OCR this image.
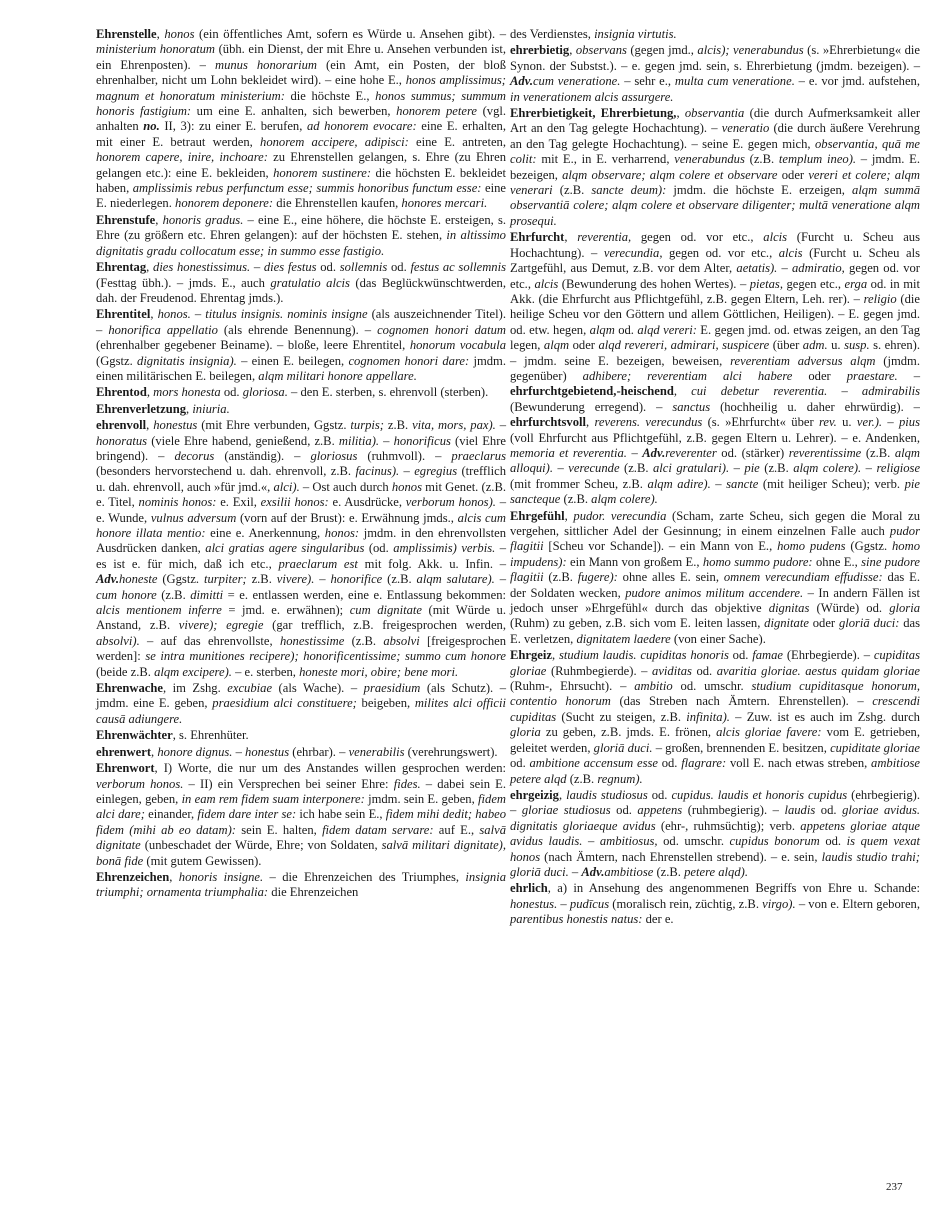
Ehrenstelle, honos (ein öffentliches Amt, sofern es Würde u. Ansehen gibt). – ministerium honoratum (übh. ein Dienst, der mit Ehre u. Ansehen verbunden ist, ein Ehrenposten). – munus honorarium (ein Amt, ein Posten, der bloß ehrenhalber, nicht um Lohn bekleidet wird). – eine hohe E., honos amplissimus; magnum et honoratum ministerium: die höchste E., honos summus; summum honoris fastigium: um eine E. anhalten, sich bewerben, honorem petere (vgl. anhalten no. II, 3): zu einer E. berufen, ad honorem evocare: eine E. erhalten, mit einer E. betraut werden, honorem accipere, adipisci: eine E. antreten, honorem capere, inire, inchoare: zu Ehrenstellen gelangen, s. Ehre (zu Ehren gelangen etc.): eine E. bekleiden, honorem sustinere: die höchsten E. bekleidet haben, amplissimis rebus perfunctum esse; summis honoribus functum esse: eine E. niederlegen. honorem deponere: die Ehrenstellen kaufen, honores mercari.

Ehrenstufe, honoris gradus. – eine E., eine höhere, die höchste E. ersteigen, s. Ehre (zu größern etc. Ehren gelangen): auf der höchsten E. stehen, in altissimo dignitatis gradu collocatum esse; in summo esse fastigio.

Ehrentag, dies honestissimus. – dies festus od. sollemnis od. festus ac sollemnis (Festtag übh.). – jmds. E., auch gratulatio alcis (das Beglückwünschtwerden, dah. der Freudenod. Ehrentag jmds.).

Ehrentitel, honos. – titulus insignis. nominis insigne (als auszeichnender Titel). – honorifica appellatio (als ehrende Benennung). – cognomen honori datum (ehrenhalber gegebener Beiname). – bloße, leere Ehrentitel, honorum vocabula (Ggstz. dignitatis insignia). – einen E. beilegen, cognomen honori dare: jmdm. einen militärischen E. beilegen, alqm militari honore appellare.

Ehrentod, mors honesta od. gloriosa. – den E. sterben, s. ehrenvoll (sterben).

Ehrenverletzung, iniuria.

ehrenvoll, honestus (mit Ehre verbunden, Ggstz. turpis; z.B. vita, mors, pax). – honoratus (viele Ehre habend, genießend, z.B. militia). – honorificus (viel Ehre bringend). – decorus (anständig). – gloriosus (ruhmvoll). – praeclarus (besonders hervorstechend u. dah. ehrenvoll, z.B. facinus). – egregius (trefflich u. dah. ehrenvoll, auch »für jmd.«, alci). – Ost auch durch honos mit Genet. (z.B. e. Titel, nominis honos: e. Exil, exsilii honos: e. Ausdrücke, verborum honos). – e. Wunde, vulnus adversum (vorn auf der Brust): e. Erwähnung jmds., alcis cum honore illata mentio: eine e. Anerkennung, honos: jmdm. in den ehrenvollsten Ausdrücken danken, alci gratias agere singularibus (od. amplissimis) verbis. – es ist e. für mich, daß ich etc., praeclarum est mit folg. Akk. u. Infin. – Adv.honeste (Ggstz. turpiter; z.B. vivere). – honorifice (z.B. alqm salutare). – cum honore (z.B. dimitti = e. entlassen werden, eine e. Entlassung bekommen: alcis mentionem inferre = jmd. e. erwähnen); cum dignitate (mit Würde u. Anstand, z.B. vivere); egregie (gar trefflich, z.B. freigesprochen werden, absolvi). – auf das ehrenvollste, honestissime (z.B. absolvi [freigesprochen werden]: se intra munitiones recipere); honorificentissime; summo cum honore (beide z.B. alqm excipere). – e. sterben, honeste mori, obire; bene mori.

Ehrenwache, im Zshg. excubiae (als Wache). – praesidium (als Schutz). – jmdm. eine E. geben, praesidium alci constituere; beigeben, milites alci officii causā adiungere.

Ehrenwächter, s. Ehrenhüter.

ehrenwert, honore dignus. – honestus (ehrbar). – venerabilis (verehrungswert).

Ehrenwort, I) Worte, die nur um des Anstandes willen gesprochen werden: verborum honos. – II) ein Versprechen bei seiner Ehre: fides. – dabei sein E. einlegen, geben, in eam rem fidem suam interponere: jmdm. sein E. geben, fidem alci dare; einander, fidem dare inter se: ich habe sein E., fidem mihi dedit; habeo fidem (mihi ab eo datam): sein E. halten, fidem datam servare: auf E., salvā dignitate (unbeschadet der Würde, Ehre; von Soldaten, salvā militari dignitate), bonā fide (mit gutem Gewissen).

Ehrenzeichen, honoris insigne. – die Ehrenzeichen des Triumphes, insignia triumphi; ornamenta triumphalia: die Ehrenzeichen

des Verdienstes, insignia virtutis.

ehrerbietig, observans (gegen jmd., alcis); venerabundus (s. »Ehrerbietung« die Synon. der Substst.). – e. gegen jmd. sein, s. Ehrerbietung (jmdm. bezeigen). – Adv.cum veneratione. – sehr e., multa cum veneratione. – e. vor jmd. aufstehen, in venerationem alcis assurgere.

Ehrerbietigkeit, Ehrerbietung,, observantia (die durch Aufmerksamkeit aller Art an den Tag gelegte Hochachtung). – veneratio (die durch äußere Verehrung an den Tag gelegte Hochachtung). – seine E. gegen mich, observantia, quā me colit: mit E., in E. verharrend, venerabundus (z.B. templum ineo). – jmdm. E. bezeigen, alqm observare; alqm colere et observare oder vereri et colere; alqm venerari (z.B. sancte deum): jmdm. die höchste E. erzeigen, alqm summā observantiā colere; alqm colere et observare diligenter; multā veneratione alqm prosequi.

Ehrfurcht, reverentia, gegen od. vor etc., alcis (Furcht u. Scheu aus Hochachtung). – verecundia, gegen od. vor etc., alcis (Furcht u. Scheu als Zartgefühl, aus Demut, z.B. vor dem Alter, aetatis). – admiratio, gegen od. vor etc., alcis (Bewunderung des hohen Wertes). – pietas, gegen etc., erga od. in mit Akk. (die Ehrfurcht aus Pflichtgefühl, z.B. gegen Eltern, Leh. rer). – religio (die heilige Scheu vor den Göttern und allem Göttlichen, Heiligen). – E. gegen jmd. od. etw. hegen, alqm od. alqd vereri: E. gegen jmd. od. etwas zeigen, an den Tag legen, alqm oder alqd revereri, admirari, suspicere (über adm. u. susp. s. ehren). – jmdm. seine E. bezeigen, beweisen, reverentiam adversus alqm (jmdm. gegenüber) adhibere; reverentiam alci habere oder praestare. – ehrfurchtgebietend,-heischend, cui debetur reverentia. – admirabilis (Bewunderung erregend). – sanctus (hochheilig u. daher ehrwürdig). – ehrfurchtsvoll, reverens. verecundus (s. »Ehrfurcht« über rev. u. ver.). – pius (voll Ehrfurcht aus Pflichtgefühl, z.B. gegen Eltern u. Lehrer). – e. Andenken, memoria et reverentia. – Adv.reverenter od. (stärker) reverentissime (z.B. alqm alloqui). – verecunde (z.B. alci gratulari). – pie (z.B. alqm colere). – religiose (mit frommer Scheu, z.B. alqm adire). – sancte (mit heiliger Scheu); verb. pie sancteque (z.B. alqm colere).

Ehrgefühl, pudor. verecundia (Scham, zarte Scheu, sich gegen die Moral zu vergehen, sittlicher Adel der Gesinnung; in einem einzelnen Falle auch pudor flagitii [Scheu vor Schande]). – ein Mann von E., homo pudens (Ggstz. homo impudens): ein Mann von großem E., homo summo pudore: ohne E., sine pudore flagitii (z.B. fugere): ohne alles E. sein, omnem verecundiam effudisse: das E. der Soldaten wecken, pudore animos militum accendere. – In andern Fällen ist jedoch unser »Ehrgefühl« durch das objektive dignitas (Würde) od. gloria (Ruhm) zu geben, z.B. sich vom E. leiten lassen, dignitate oder gloriā duci: das E. verletzen, dignitatem laedere (von einer Sache).

Ehrgeiz, studium laudis. cupiditas honoris od. famae (Ehrbegierde). – cupiditas gloriae (Ruhmbegierde). – aviditas od. avaritia gloriae. aestus quidam gloriae (Ruhm-, Ehrsucht). – ambitio od. umschr. studium cupiditasque honorum, contentio honorum (das Streben nach Ämtern. Ehrenstellen). – crescendi cupiditas (Sucht zu steigen, z.B. infinita). – Zuw. ist es auch im Zshg. durch gloria zu geben, z.B. jmds. E. frönen, alcis gloriae favere: vom E. getrieben, geleitet werden, gloriā duci. – großen, brennenden E. besitzen, cupiditate gloriae od. ambitione accensum esse od. flagrare: voll E. nach etwas streben, ambitiose petere alqd (z.B. regnum).

ehrgeizig, laudis studiosus od. cupidus. laudis et honoris cupidus (ehrbegierig). – gloriae studiosus od. appetens (ruhmbegierig). – laudis od. gloriae avidus. dignitatis gloriaeque avidus (ehr-, ruhmsüchtig); verb. appetens gloriae atque avidus laudis. – ambitiosus, od. umschr. cupidus bonorum od. is quem vexat honos (nach Ämtern, nach Ehrenstellen strebend). – e. sein, laudis studio trahi; gloriā duci. – Adv.ambitiose (z.B. petere alqd).

ehrlich, a) in Ansehung des angenommenen Begriffs von Ehre u. Schande: honestus. – pudīcus (moralisch rein, züchtig, z.B. virgo). – von e. Eltern geboren, parentibus honestis natus: der e.

237
